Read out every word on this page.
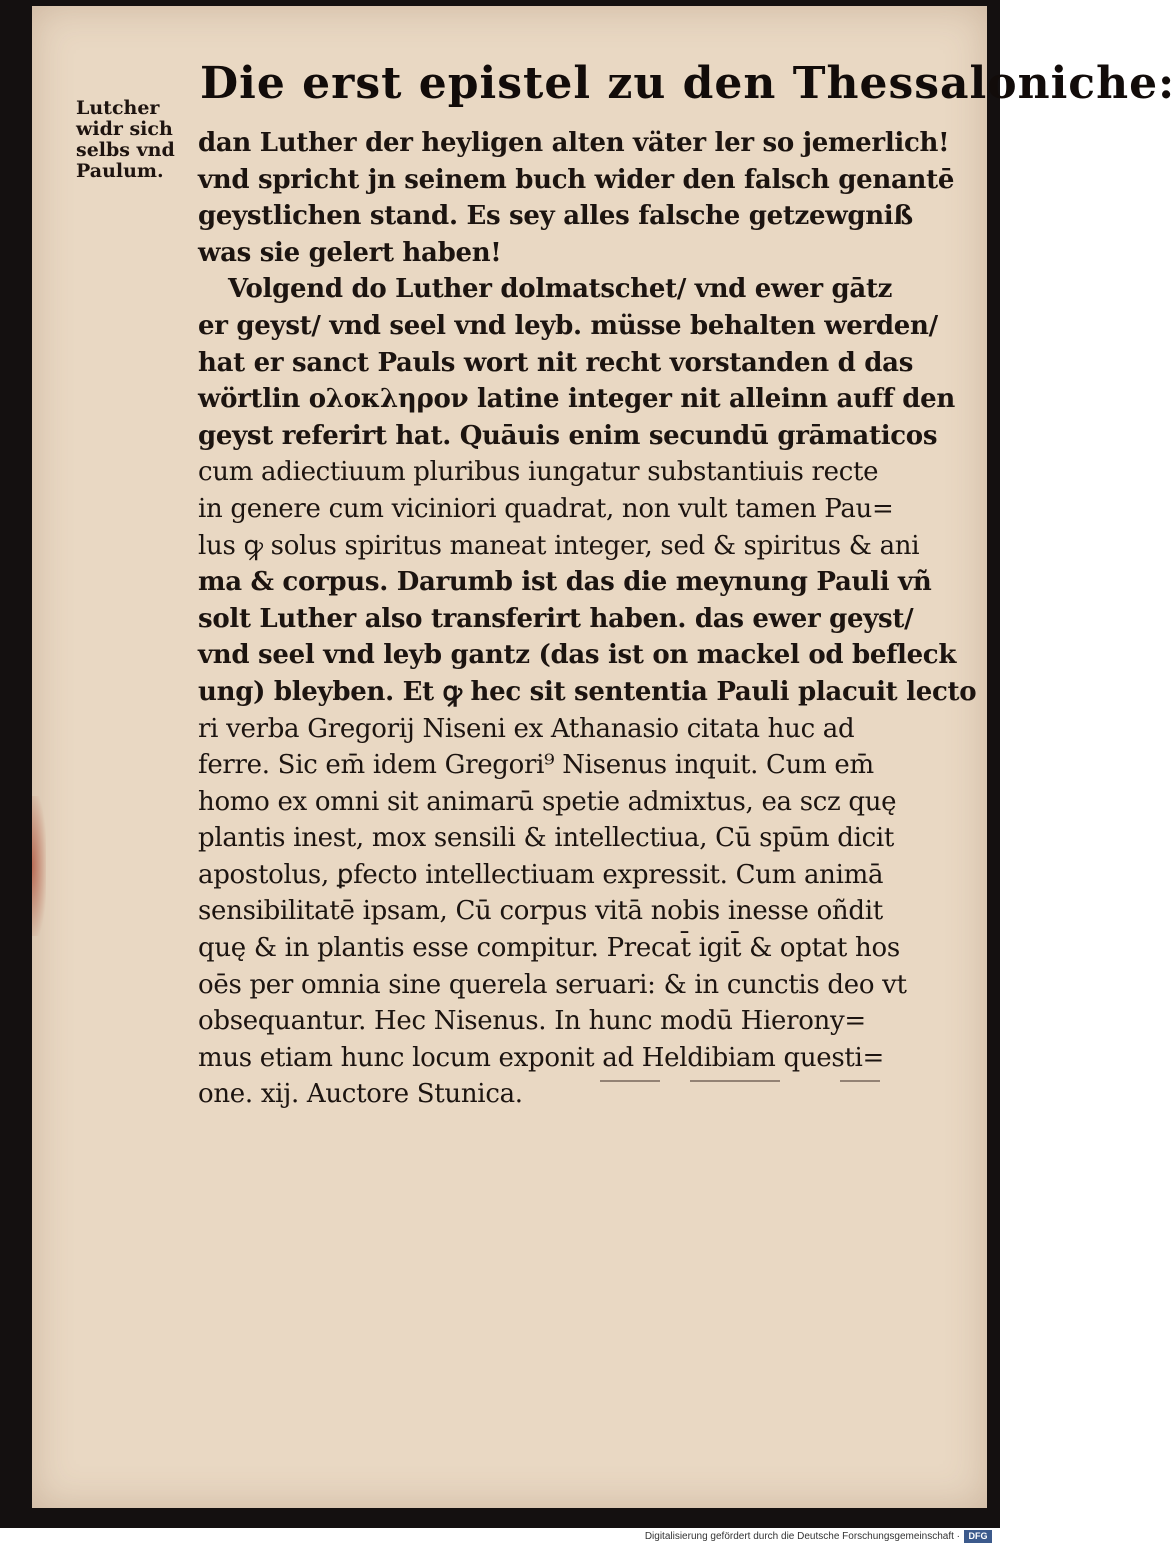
Lutcher
widr sich
selbs vnd
Paulum.
Die erst epistel zu den Thessaloniche:
dan Luther der heyligen alten väter ler so jemerlich!
vnd spricht jn seinem buch wider den falsch genantē
geystlichen stand. Es sey alles falsche getzewgniß
was sie gelert haben!
Volgend do Luther dolmatschet/ vnd ewer gātz
er geyst/ vnd seel vnd leyb. müsse behalten werden/
hat er sanct Pauls wort nit recht vorstanden d das
wörtlin ολοκληρον latine integer nit alleinn auff den
geyst referirt hat. Quāuis enim secundū grāmaticos
cum adiectiuum pluribus iungatur substantiuis recte
in genere cum viciniori quadrat, non vult tamen Pau=
lus ꝙ solus spiritus maneat integer, sed & spiritus & ani
ma & corpus. Darumb ist das die meynung Pauli vñ
solt Luther also transferirt haben. das ewer geyst/
vnd seel vnd leyb gantz (das ist on mackel od befleck
ung) bleyben. Et ꝙ hec sit sententia Pauli placuit lecto
ri verba Gregorij Niseni ex Athanasio citata huc ad
ferre. Sic em̄ idem Gregori⁹ Nisenus inquit. Cum em̄
homo ex omni sit animarū spetie admixtus, ea scz quę
plantis inest, mox sensili & intellectiua, Cū spūm dicit
apostolus, ꝑfecto intellectiuam expressit. Cum animā
sensibilitatē ipsam, Cū corpus vitā nobis inesse oñdit
quę & in plantis esse compitur. Precat̄ igit̄ & optat hos
oēs per omnia sine querela seruari: & in cunctis deo vt
obsequantur. Hec Nisenus. In hunc modū Hierony=
mus etiam hunc locum exponit ad Heldibiam questi=
one. xij. Auctore Stunica.
Digitalisierung gefördert durch die Deutsche Forschungsgemeinschaft · DFG
